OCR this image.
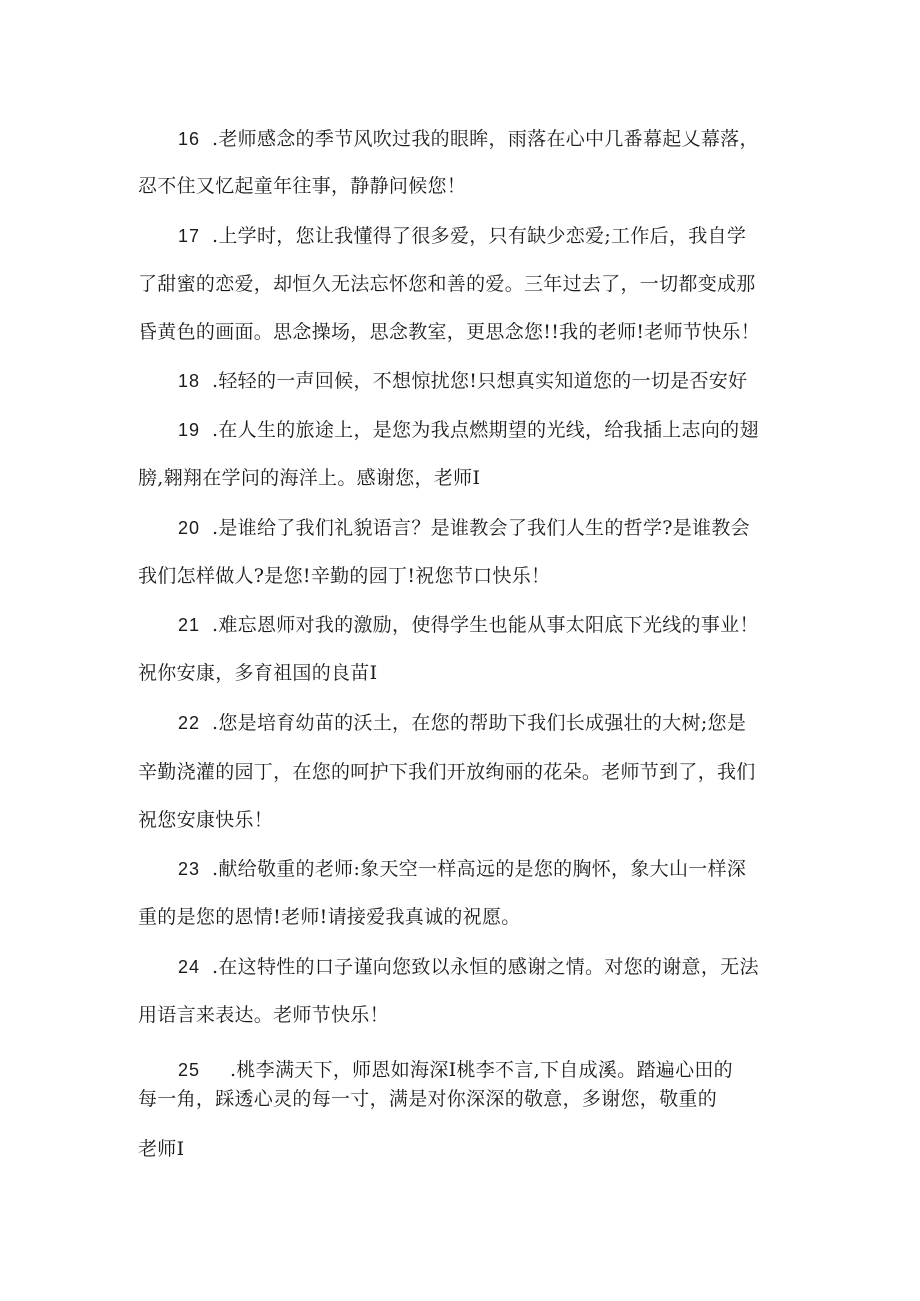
16 .老师感念的季节风吹过我的眼眸，雨落在心中几番幕起乂幕落，
忍不住又忆起童年往事，静静问候您！
17 .上学时，您让我懂得了很多爱，只有缺少恋爱;工作后，我自学
了甜蜜的恋爱，却恒久无法忘怀您和善的爱。三年过去了，一切都变成那
昏黄色的画面。思念操场，思念教室，更思念您!!我的老师!老师节快乐！
18 .轻轻的一声回候，不想惊扰您!只想真实知道您的一切是否安好
19 .在人生的旅途上，是您为我点燃期望的光线，给我插上志向的翅
膀,翱翔在学问的海洋上。感谢您，老师I
20 .是谁给了我们礼貌语言？是谁教会了我们人生的哲学?是谁教会
我们怎样做人?是您!辛勤的园丁!祝您节口快乐！
21 .难忘恩师对我的激励，使得学生也能从事太阳底下光线的事业！
祝你安康，多育祖国的良苗I
22 .您是培育幼苗的沃土，在您的帮助下我们长成强壮的大树;您是
辛勤浇灌的园丁，在您的呵护下我们开放绚丽的花朵。老师节到了，我们
祝您安康快乐！
23 .献给敬重的老师:象天空一样高远的是您的胸怀，象大山一样深
重的是您的恩情!老师!请接爱我真诚的祝愿。
24 .在这特性的口子谨向您致以永恒的感谢之情。对您的谢意，无法
用语言来表达。老师节快乐！
25 .桃李满天下，师恩如海深I桃李不言,下自成溪。踏遍心田的
每一角，踩透心灵的每一寸，满是对你深深的敬意，多谢您，敬重的
老师I
